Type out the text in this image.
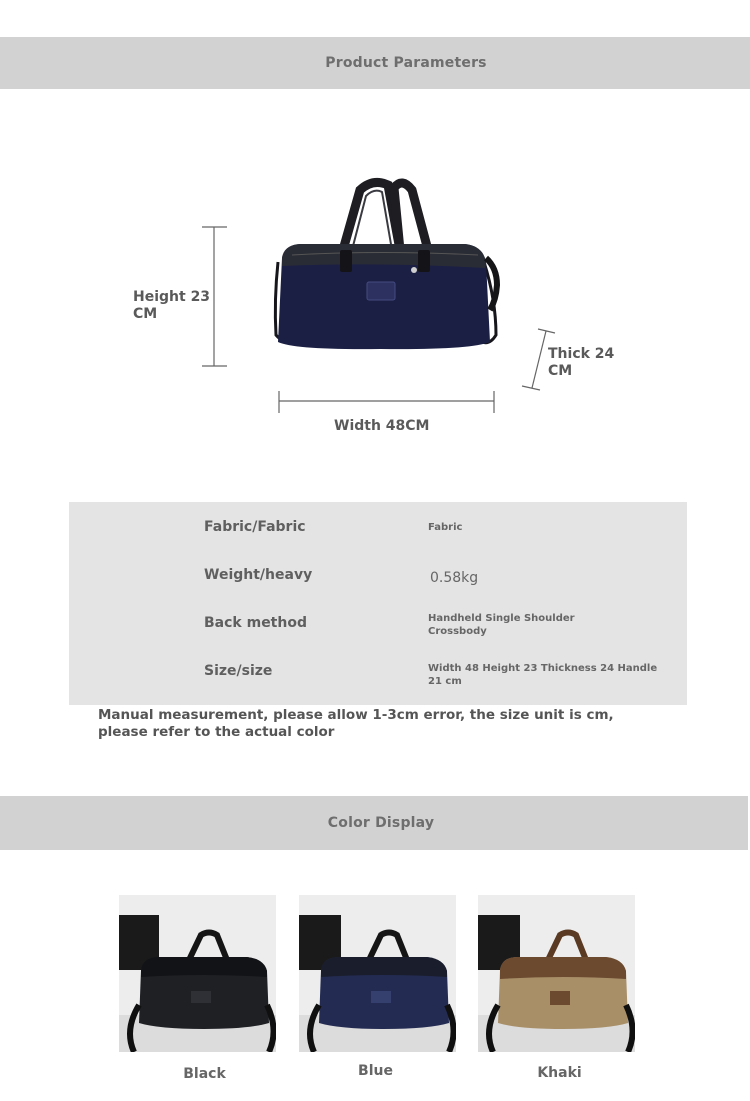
Product Parameters
Height 23 CM
Width 48CM
Thick 24 CM
Fabric/Fabric	Fabric
Weight/heavy	0.58kg
Back method	Handheld Single Shoulder Crossbody
Size/size	Width 48 Height 23 Thickness 24 Handle 21 cm
Manual measurement, please allow 1-3cm error, the size unit is cm, please refer to the actual color
Color Display
Black	Blue	Khaki
